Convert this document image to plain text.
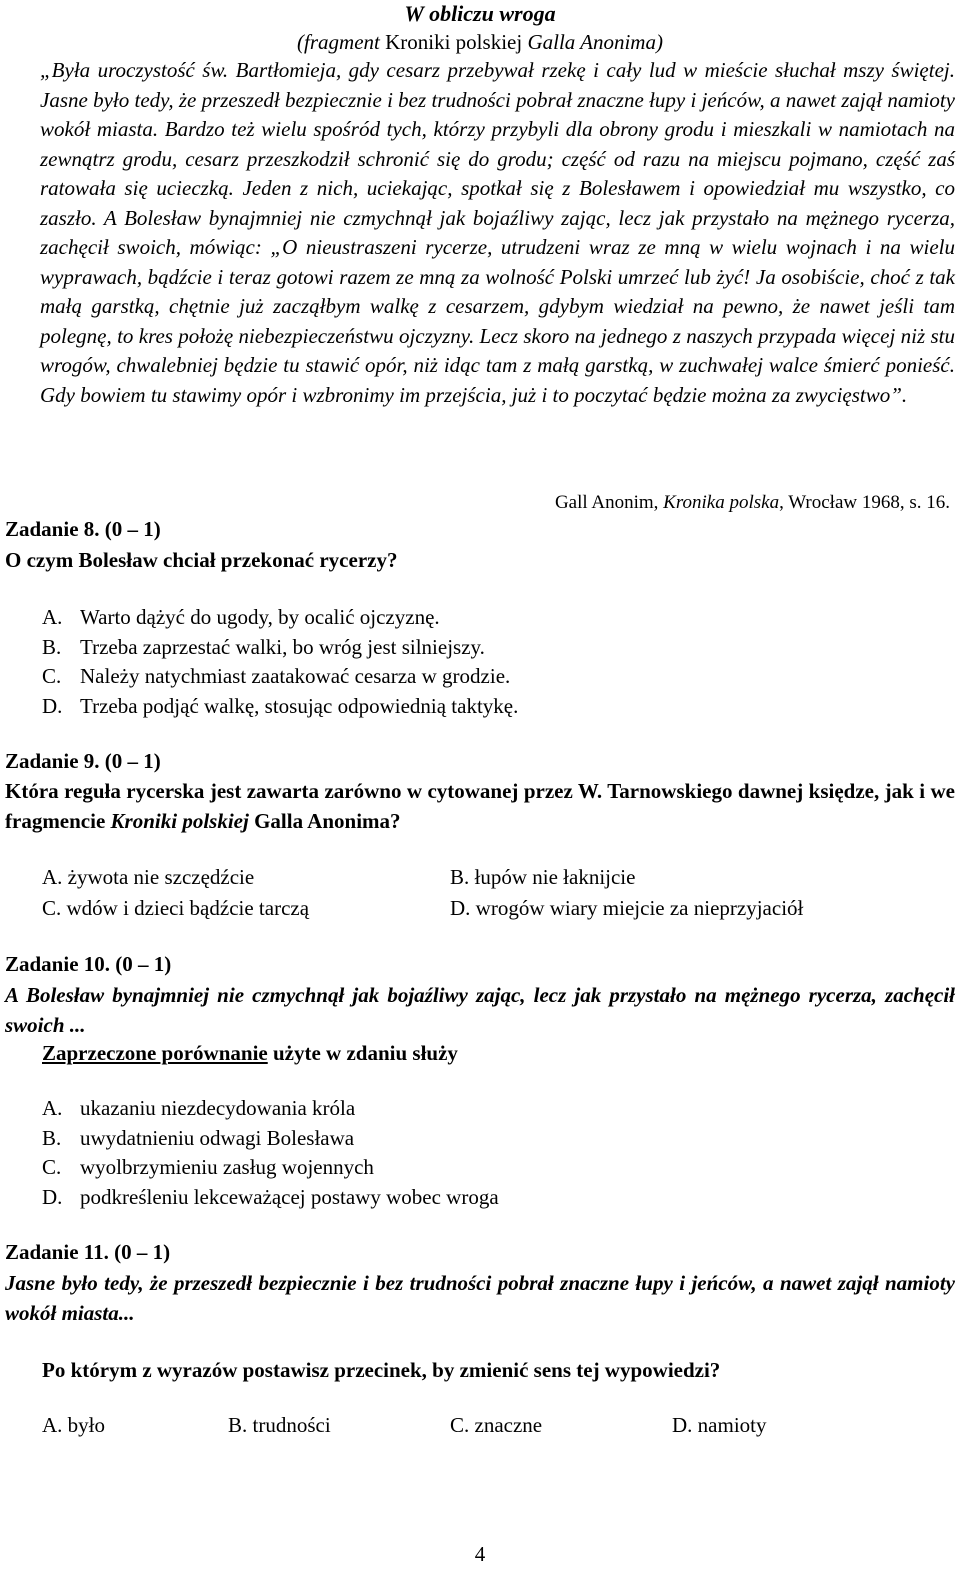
W obliczu wroga
(fragment Kroniki polskiej Galla Anonima)
„Była uroczystość św. Bartłomieja, gdy cesarz przebywał rzekę i cały lud w mieście słuchał mszy świętej. Jasne było tedy, że przeszedł bezpiecznie i bez trudności pobrał znaczne łupy i jeńców, a nawet zajął namioty wokół miasta. Bardzo też wielu spośród tych, którzy przybyli dla obrony grodu i mieszkali w namiotach na zewnątrz grodu, cesarz przeszkodził schronić się do grodu; część od razu na miejscu pojmano, część zaś ratowała się ucieczką. Jeden z nich, uciekając, spotkał się z Bolesławem i opowiedział mu wszystko, co zaszło. A Bolesław bynajmniej nie czmychnął jak bojaźliwy zając, lecz jak przystało na mężnego rycerza, zachęcił swoich, mówiąc: „O nieustraszeni rycerze, utrudzeni wraz ze mną w wielu wojnach i na wielu wyprawach, bądźcie i teraz gotowi razem ze mną za wolność Polski umrzeć lub żyć! Ja osobiście, choć z tak małą garstką, chętnie już zacząłbym walkę z cesarzem, gdybym wiedział na pewno, że nawet jeśli tam polegnę, to kres położę niebezpieczeństwu ojczyzny. Lecz skoro na jednego z naszych przypada więcej niż stu wrogów, chwalebniej będzie tu stawić opór, niż idąc tam z małą garstką, w zuchwałej walce śmierć ponieść. Gdy bowiem tu stawimy opór i wzbronimy im przejścia, już i to poczytać będzie można za zwycięstwo”.
Gall Anonim, Kronika polska, Wrocław 1968, s. 16.
Zadanie 8. (0 – 1)
O czym Bolesław chciał przekonać rycerzy?
A. Warto dążyć do ugody, by ocalić ojczyznę.
B. Trzeba zaprzestać walki, bo wróg jest silniejszy.
C. Należy natychmiast zaatakować cesarza w grodzie.
D. Trzeba podjąć walkę, stosując odpowiednią taktykę.
Zadanie 9. (0 – 1)
Która reguła rycerska jest zawarta zarówno w cytowanej przez W. Tarnowskiego dawnej księdze, jak i we fragmencie Kroniki polskiej Galla Anonima?
A. żywota nie szczędźcie	B. łupów nie łaknijcie
C. wdów i dzieci bądźcie tarczą	D. wrogów wiary miejcie za nieprzyjaciół
Zadanie 10. (0 – 1)
A Bolesław bynajmniej nie czmychnął jak bojaźliwy zając, lecz jak przystało na mężnego rycerza, zachęcił swoich ...
Zaprzeczone porównanie użyte w zdaniu służy
A. ukazaniu niezdecydowania króla
B. uwydatnieniu odwagi Bolesława
C. wyolbrzymieniu zasług wojennych
D. podkreśleniu lekceważącej postawy wobec wroga
Zadanie 11. (0 – 1)
Jasne było tedy, że przeszedł bezpiecznie i bez trudności pobrał znaczne łupy i jeńców, a nawet zajął namioty wokół miasta...
Po którym z wyrazów postawisz przecinek, by zmienić sens tej wypowiedzi?
A. było	B. trudności	C. znaczne	D. namioty
4
